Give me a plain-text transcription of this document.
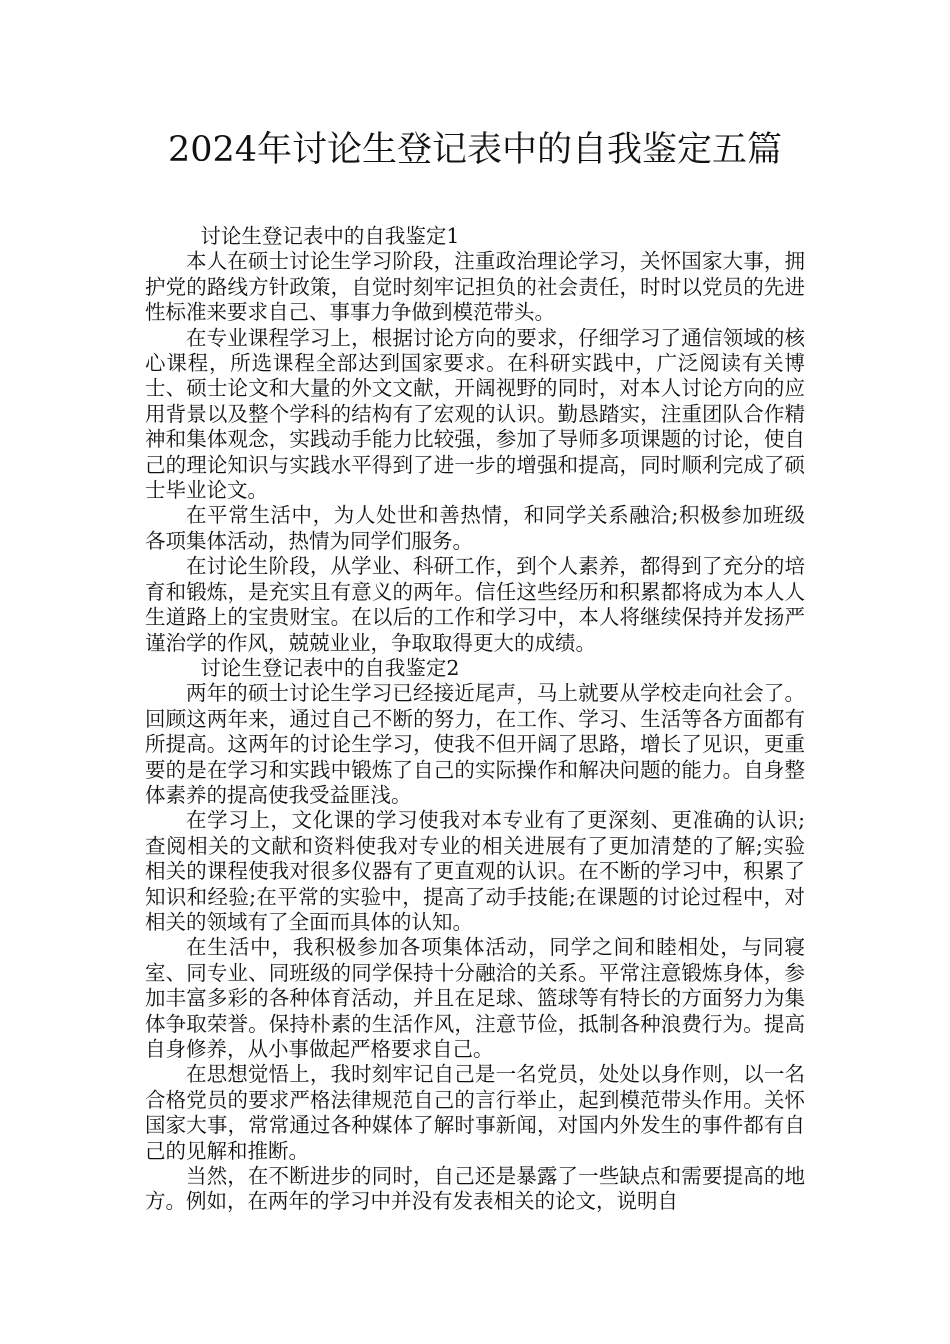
2024年讨论生登记表中的自我鉴定五篇

讨论生登记表中的自我鉴定1

本人在硕士讨论生学习阶段，注重政治理论学习，关怀国家大事，拥护党的路线方针政策，自觉时刻牢记担负的社会责任，时时以党员的先进性标准来要求自己、事事力争做到模范带头。

在专业课程学习上，根据讨论方向的要求，仔细学习了通信领域的核心课程，所选课程全部达到国家要求。在科研实践中，广泛阅读有关博士、硕士论文和大量的外文文献，开阔视野的同时，对本人讨论方向的应用背景以及整个学科的结构有了宏观的认识。勤恳踏实，注重团队合作精神和集体观念，实践动手能力比较强，参加了导师多项课题的讨论，使自己的理论知识与实践水平得到了进一步的增强和提高，同时顺利完成了硕士毕业论文。

在平常生活中，为人处世和善热情，和同学关系融洽;积极参加班级各项集体活动，热情为同学们服务。

在讨论生阶段，从学业、科研工作，到个人素养，都得到了充分的培育和锻炼，是充实且有意义的两年。信任这些经历和积累都将成为本人人生道路上的宝贵财宝。在以后的工作和学习中，本人将继续保持并发扬严谨治学的作风，兢兢业业，争取取得更大的成绩。

讨论生登记表中的自我鉴定2

两年的硕士讨论生学习已经接近尾声，马上就要从学校走向社会了。回顾这两年来，通过自己不断的努力，在工作、学习、生活等各方面都有所提高。这两年的讨论生学习，使我不但开阔了思路，增长了见识，更重要的是在学习和实践中锻炼了自己的实际操作和解决问题的能力。自身整体素养的提高使我受益匪浅。

在学习上，文化课的学习使我对本专业有了更深刻、更准确的认识;查阅相关的文献和资料使我对专业的相关进展有了更加清楚的了解;实验相关的课程使我对很多仪器有了更直观的认识。在不断的学习中，积累了知识和经验;在平常的实验中，提高了动手技能;在课题的讨论过程中，对相关的领域有了全面而具体的认知。

在生活中，我积极参加各项集体活动，同学之间和睦相处，与同寝室、同专业、同班级的同学保持十分融洽的关系。平常注意锻炼身体，参加丰富多彩的各种体育活动，并且在足球、篮球等有特长的方面努力为集体争取荣誉。保持朴素的生活作风，注意节俭，抵制各种浪费行为。提高自身修养，从小事做起严格要求自己。

在思想觉悟上，我时刻牢记自己是一名党员，处处以身作则，以一名合格党员的要求严格法律规范自己的言行举止，起到模范带头作用。关怀国家大事，常常通过各种媒体了解时事新闻，对国内外发生的事件都有自己的见解和推断。

当然，在不断进步的同时，自己还是暴露了一些缺点和需要提高的地方。例如，在两年的学习中并没有发表相关的论文，说明自
